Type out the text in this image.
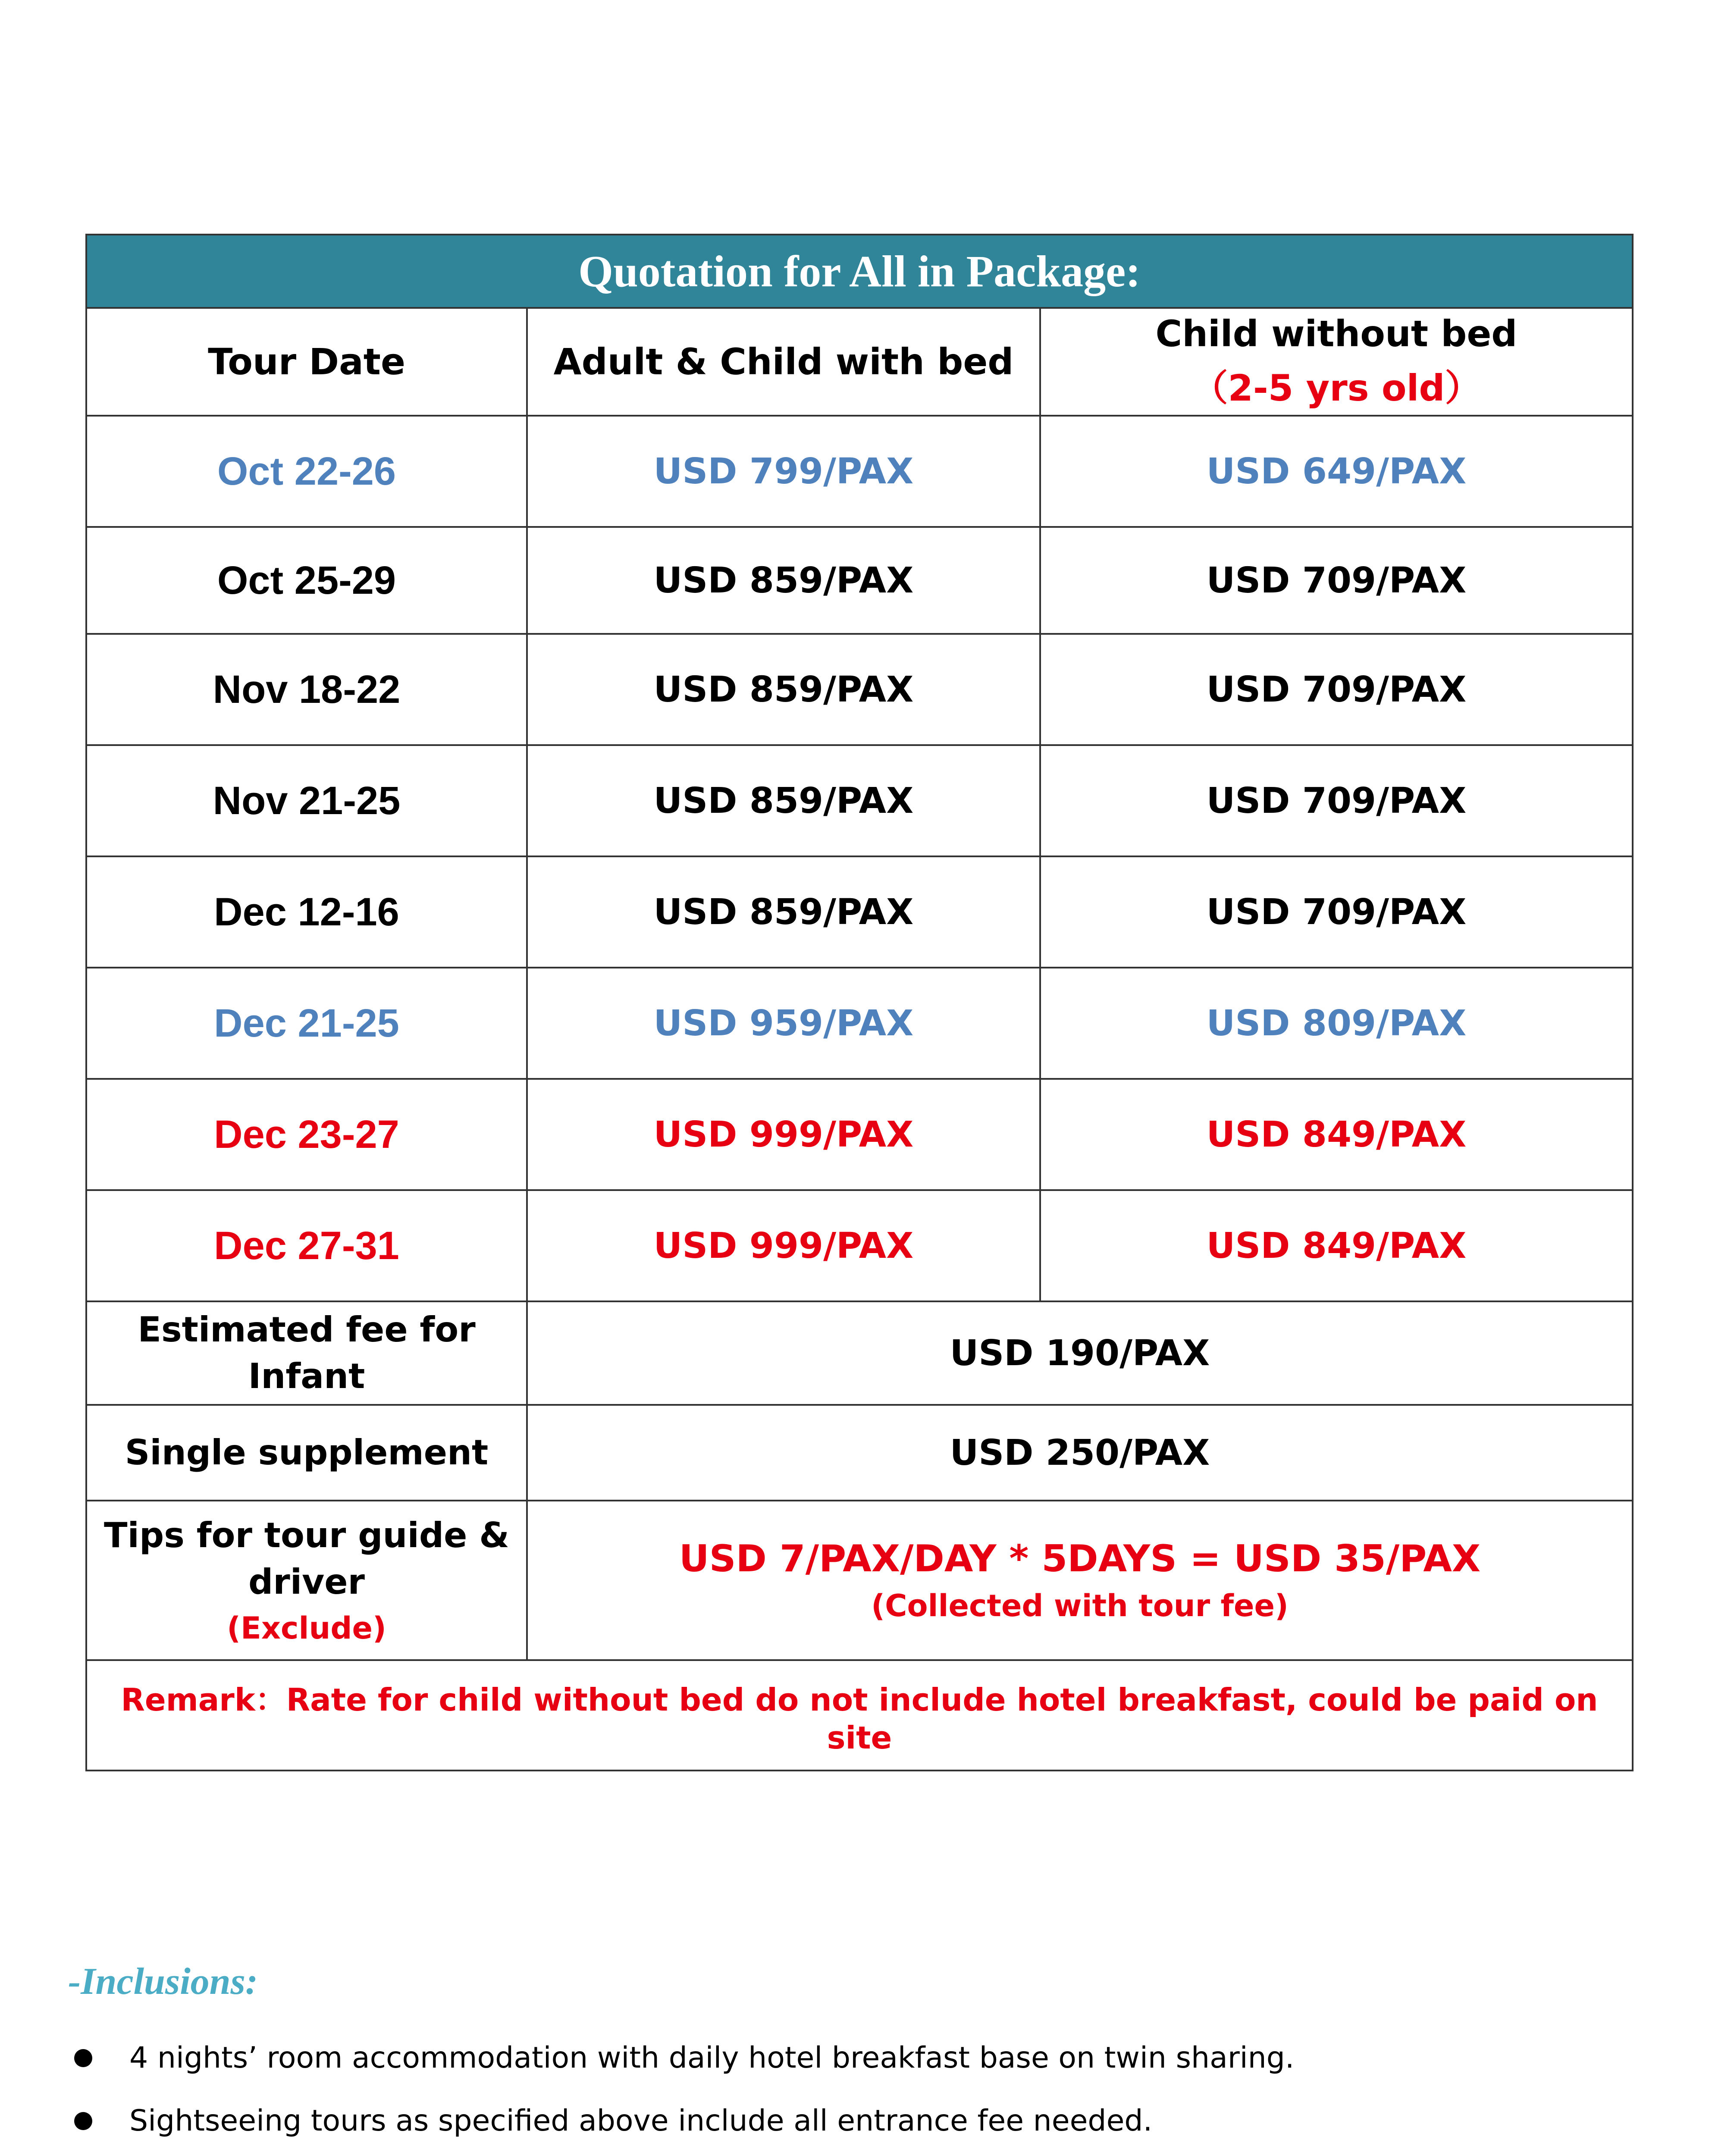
Quotation for All in Package:		
Tour Date	Adult & Child with bed	Child without bed
（2-5 yrs old）

Oct 22-26	USD 799/PAX	USD 649/PAX
Oct 25-29	USD 859/PAX	USD 709/PAX
Nov 18-22	USD 859/PAX	USD 709/PAX
Nov 21-25	USD 859/PAX	USD 709/PAX
Dec 12-16	USD 859/PAX	USD 709/PAX
Dec 21-25	USD 959/PAX	USD 809/PAX
Dec 23-27	USD 999/PAX	USD 849/PAX
Dec 27-31	USD 999/PAX	USD 849/PAX
Estimated fee for Infant	USD 190/PAX	
Single supplement	USD 250/PAX	
Tips for tour guide & driver
(Exclude)	USD 7/PAX/DAY * 5DAYS = USD 35/PAX
(Collected with tour fee)	

Remark：Rate for child without bed do not include hotel breakfast, could be paid on site		
-Inclusions:
4 nights’ room accommodation with daily hotel breakfast base on twin sharing.
Sightseeing tours as specified above include all entrance fee needed.
